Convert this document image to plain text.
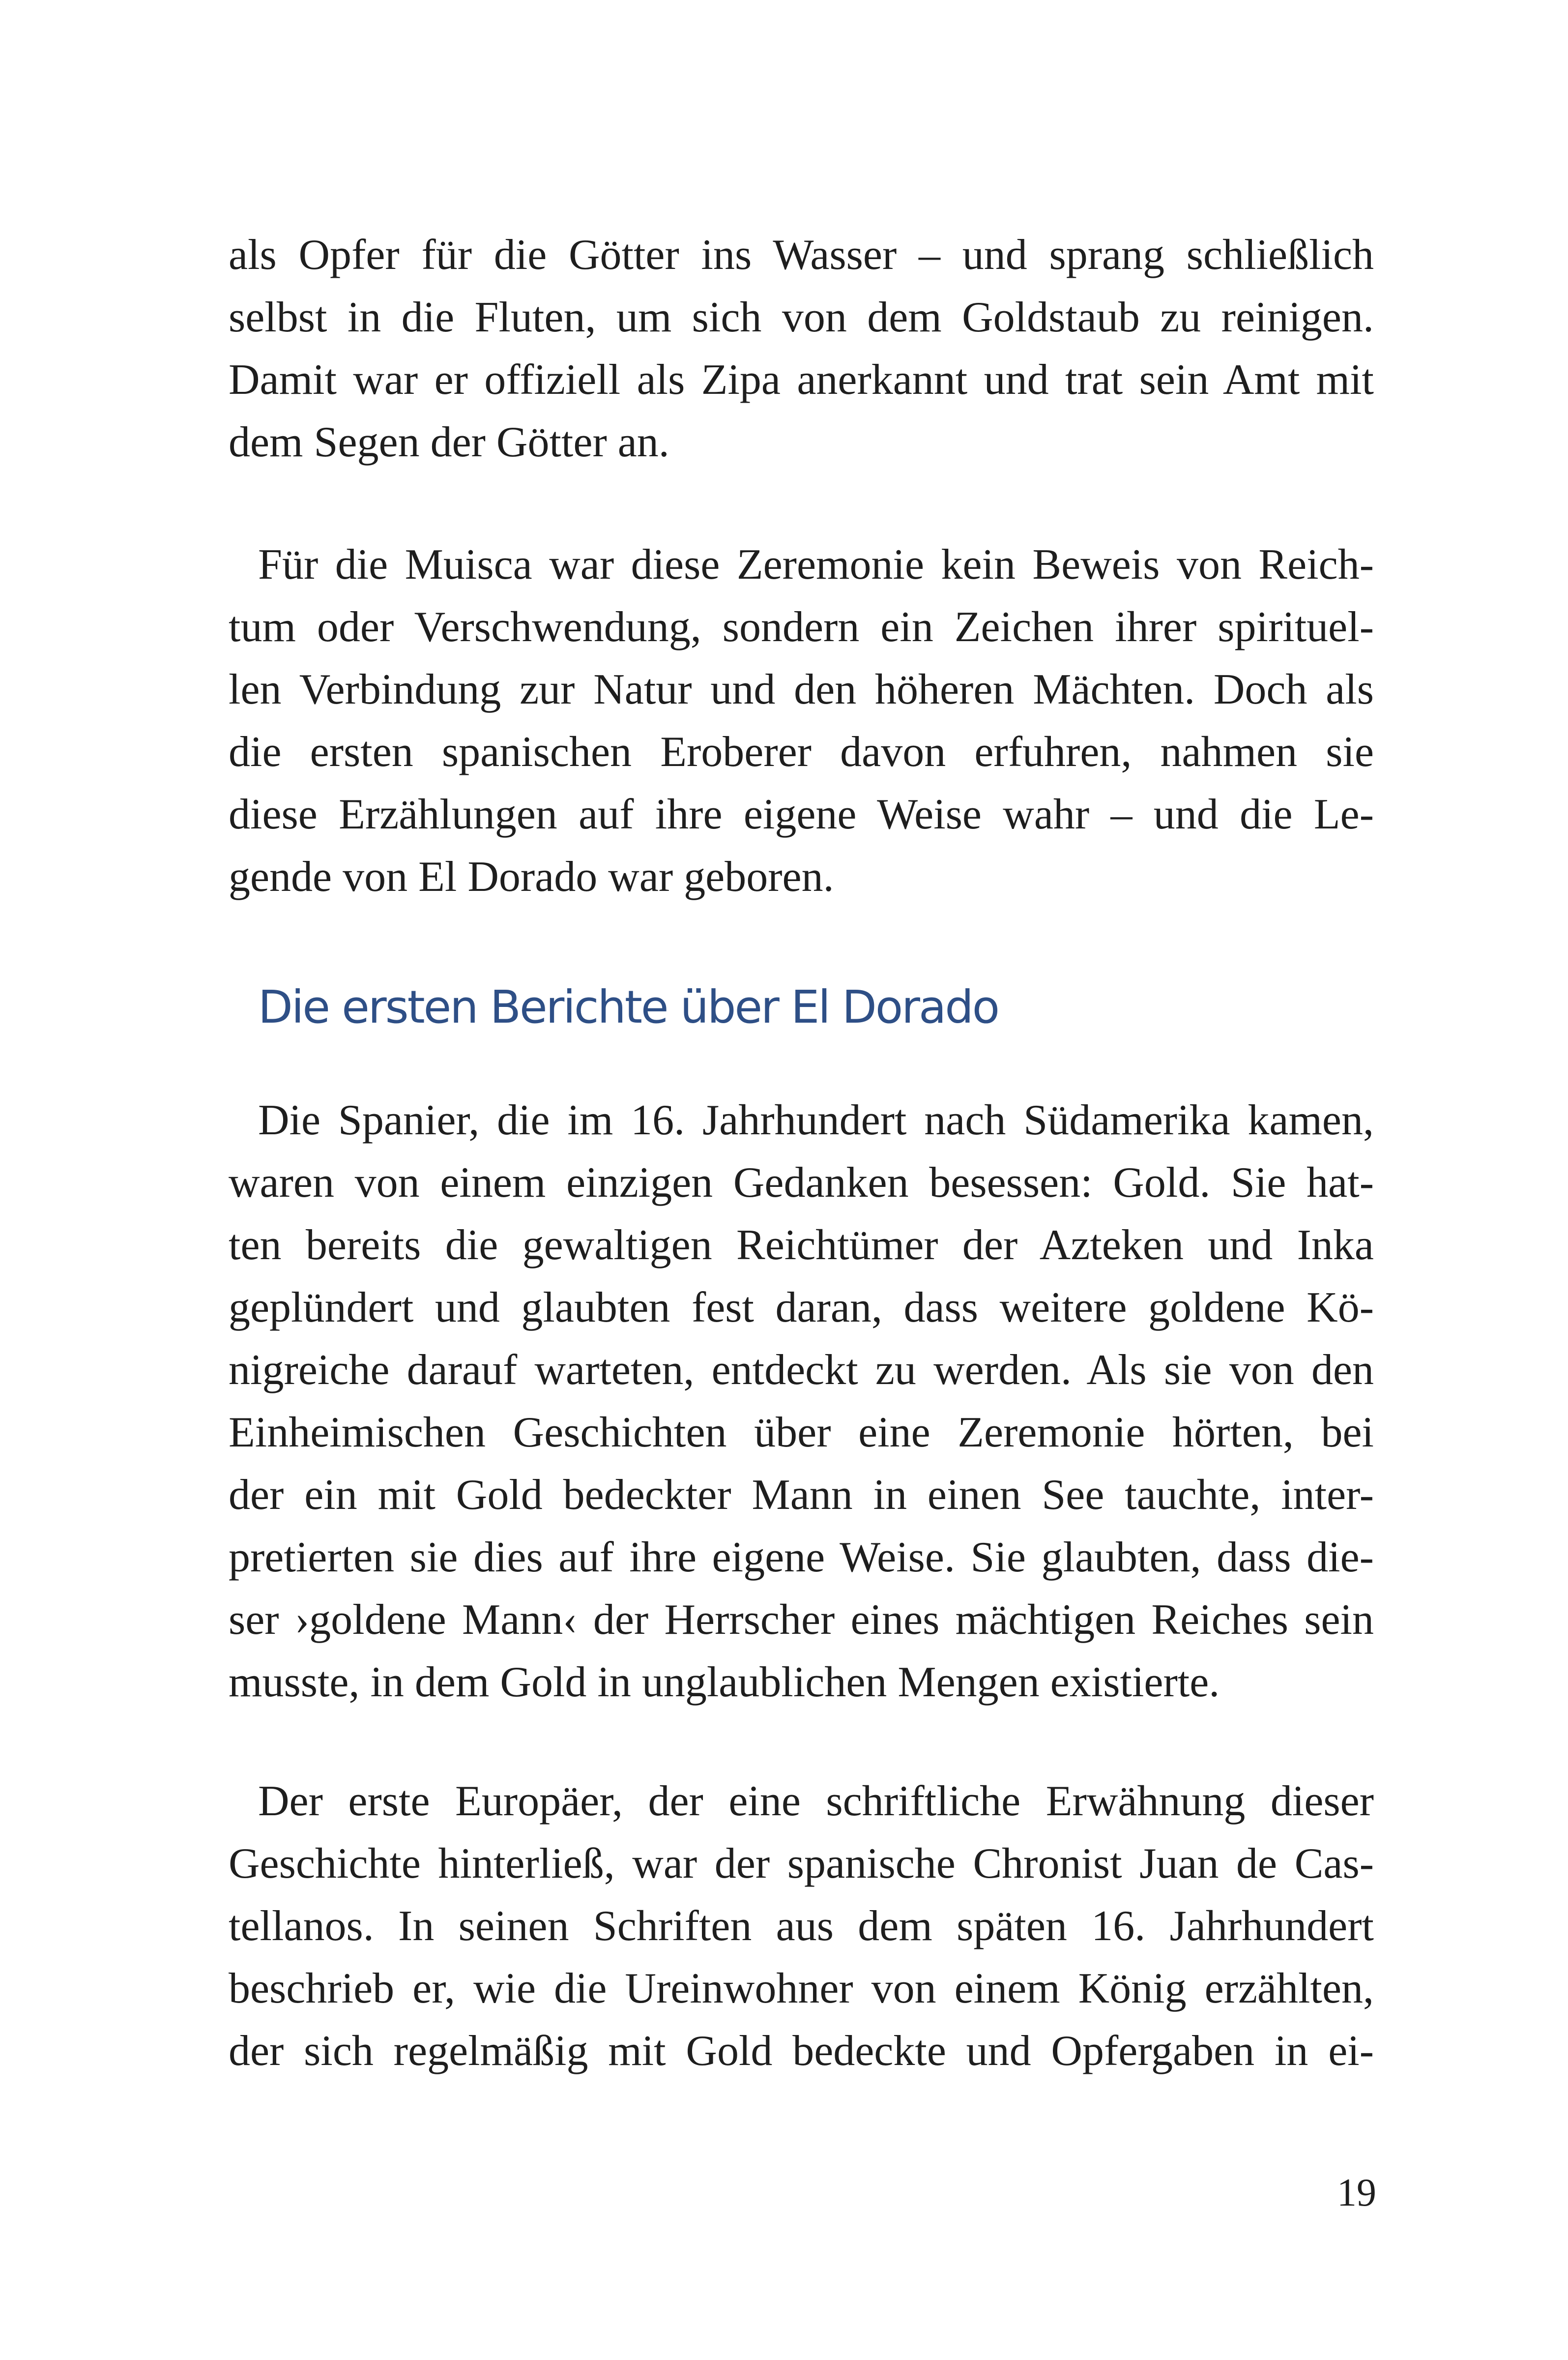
als Opfer für die Götter ins Wasser – und sprang schließlich
selbst in die Fluten, um sich von dem Goldstaub zu reinigen.
Damit war er offiziell als Zipa anerkannt und trat sein Amt mit
dem Segen der Götter an.
Für die Muisca war diese Zeremonie kein Beweis von Reich-
tum oder Verschwendung, sondern ein Zeichen ihrer spirituel-
len Verbindung zur Natur und den höheren Mächten. Doch als
die ersten spanischen Eroberer davon erfuhren, nahmen sie
diese Erzählungen auf ihre eigene Weise wahr – und die Le-
gende von El Dorado war geboren.
Die ersten Berichte über El Dorado
Die Spanier, die im 16. Jahrhundert nach Südamerika kamen,
waren von einem einzigen Gedanken besessen: Gold. Sie hat-
ten bereits die gewaltigen Reichtümer der Azteken und Inka
geplündert und glaubten fest daran, dass weitere goldene Kö-
nigreiche darauf warteten, entdeckt zu werden. Als sie von den
Einheimischen Geschichten über eine Zeremonie hörten, bei
der ein mit Gold bedeckter Mann in einen See tauchte, inter-
pretierten sie dies auf ihre eigene Weise. Sie glaubten, dass die-
ser ›goldene Mann‹ der Herrscher eines mächtigen Reiches sein
musste, in dem Gold in unglaublichen Mengen existierte.
Der erste Europäer, der eine schriftliche Erwähnung dieser
Geschichte hinterließ, war der spanische Chronist Juan de Cas-
tellanos. In seinen Schriften aus dem späten 16. Jahrhundert
beschrieb er, wie die Ureinwohner von einem König erzählten,
der sich regelmäßig mit Gold bedeckte und Opfergaben in ei-
19
